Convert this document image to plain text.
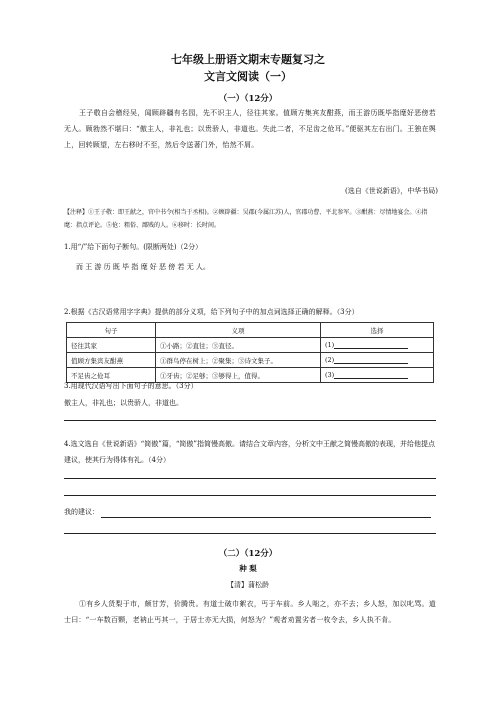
七年级上册语文期末专题复习之
文言文阅读（一）
（一）（12分）
王子敬自会稽经吴，闻顾辟疆有名园，先不识主人，径往其家。值顾方集宾友酣燕，而王游历既毕指麾好恶傍若无人。顾勃然不堪曰：“傲主人，非礼也；以贵骄人，非道也。失此二者，不足齿之伧耳。”便驱其左右出门。王独在舆上，回转顾望，左右移时不至，然后令送著门外，怡然不屑。
(选自《世说新语》，中华书局)
【注释】①王子敬：即王献之，官中书令(相当于丞相)。②顾辟疆：吴郡(今属江苏)人，官郡功曹、平北参军。③酣燕：尽情地宴会。④指麾：指点评论。⑤伧：粗俗、鄙贱的人。⑥移时：长时间。
1.用“/”给下面句子断句。(限断两处)（2分）
而 王 游 历 既 毕 指 麾 好 恶 傍 若 无 人。
2.根据《古汉语常用字字典》提供的部分义项，给下列句子中的加点词选择正确的解释。（3分）
句子	义项	选择
径往其家	①小路；②直往；③直径。	(1)
值顾方集宾友酣燕	①群鸟停在树上；②聚集；③诗文集子。	(2)
不足齿之伧耳	①牙齿；②足够；③够得上，值得。	(3)
3.用现代汉语写出下面句子的意思。（3分）
傲主人，非礼也；以贵骄人，非道也。
4.选文选自《世说新语》“简傲”篇，“简傲”指简慢高傲。请结合文章内容，分析文中王献之简慢高傲的表现，并给他提点建议，使其行为得体有礼。（4分）
我的建议：
（二）（12分）
种 梨
【清】蒲松龄
①有乡人货梨于市，颇甘芳，价腾贵。有道士破巾絮衣，丐于车前。乡人咄之，亦不去；乡人怒，加以叱骂。道士曰：“一车数百颗，老衲止丐其一，于居士亦无大损，何怒为？”观者劝置劣者一枚令去，乡人执不肯。
